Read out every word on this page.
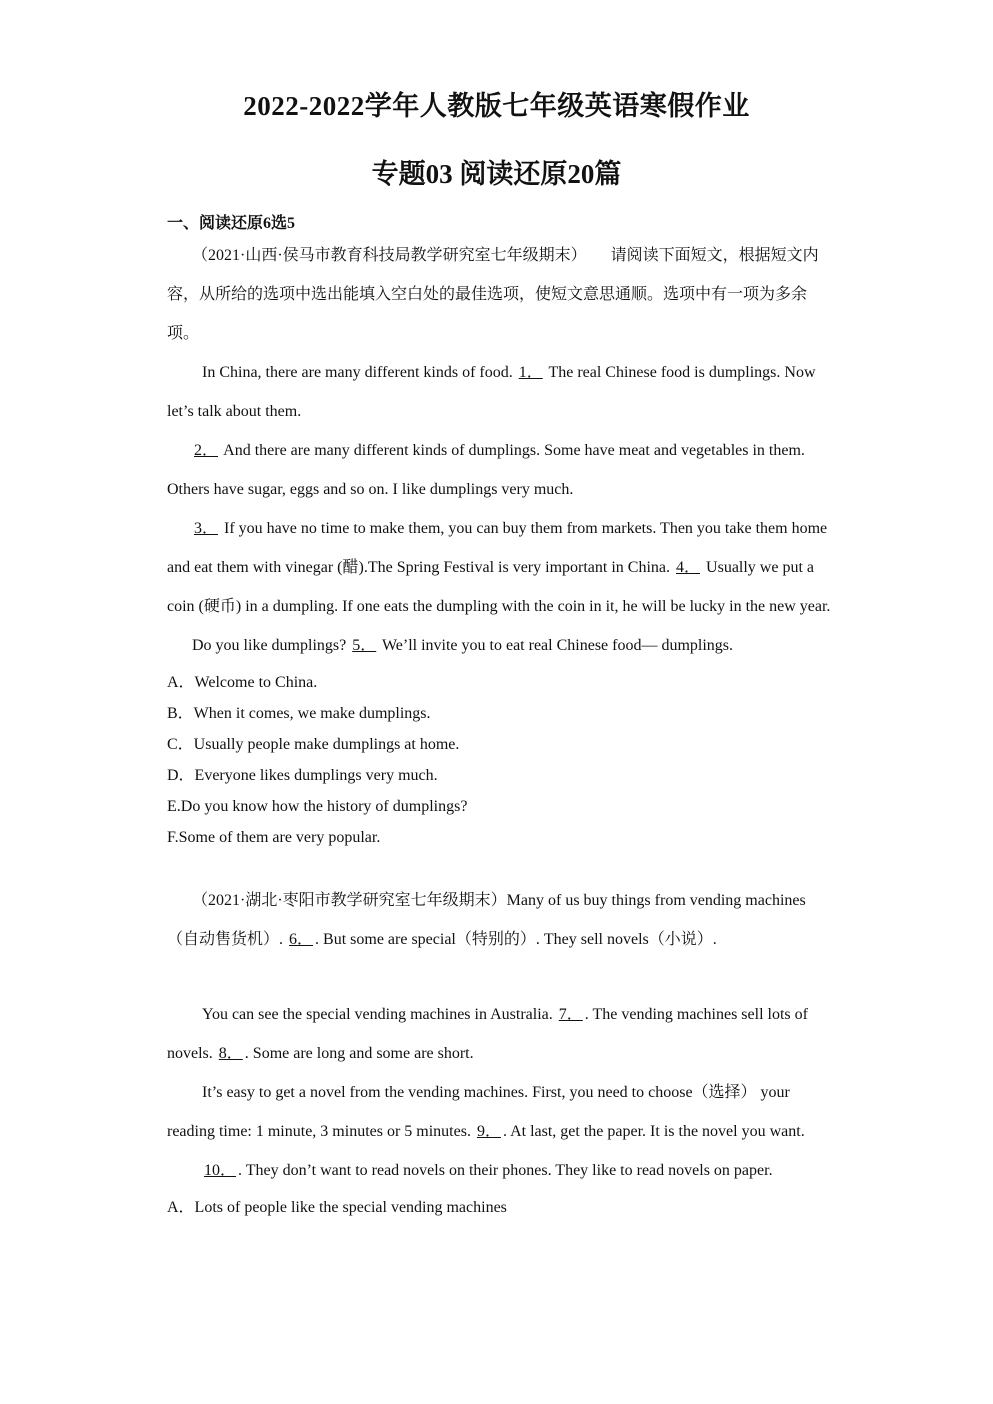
2022-2022学年人教版七年级英语寒假作业
专题03 阅读还原20篇
一、阅读还原6选5
（2021·山西·侯马市教育科技局教学研究室七年级期末）　　请阅读下面短文，根据短文内容，从所给的选项中选出能填入空白处的最佳选项，使短文意思通顺。选项中有一项为多余项。
In China, there are many different kinds of food. 1． The real Chinese food is dumplings. Now let’s talk about them.
2． And there are many different kinds of dumplings. Some have meat and vegetables in them. Others have sugar, eggs and so on. I like dumplings very much.
3． If you have no time to make them, you can buy them from markets. Then you take them home and eat them with vinegar (醋).The Spring Festival is very important in China. 4． Usually we put a coin (硬币) in a dumpling. If one eats the dumpling with the coin in it, he will be lucky in the new year.
Do you like dumplings? 5． We’ll invite you to eat real Chinese food— dumplings.
A．Welcome to China.
B．When it comes, we make dumplings.
C．Usually people make dumplings at home.
D．Everyone likes dumplings very much.
E.Do you know how the history of dumplings?
F.Some of them are very popular.
（2021·湖北·枣阳市教学研究室七年级期末）Many of us buy things from vending machines（自动售货机）. 6． . But some are special（特别的）. They sell novels（小说）.
You can see the special vending machines in Australia. 7． . The vending machines sell lots of novels. 8． . Some are long and some are short.
It’s easy to get a novel from the vending machines. First, you need to choose（选择） your reading time: 1 minute, 3 minutes or 5 minutes. 9． . At last, get the paper. It is the novel you want.
10． . They don’t want to read novels on their phones. They like to read novels on paper.
A．Lots of people like the special vending machines
